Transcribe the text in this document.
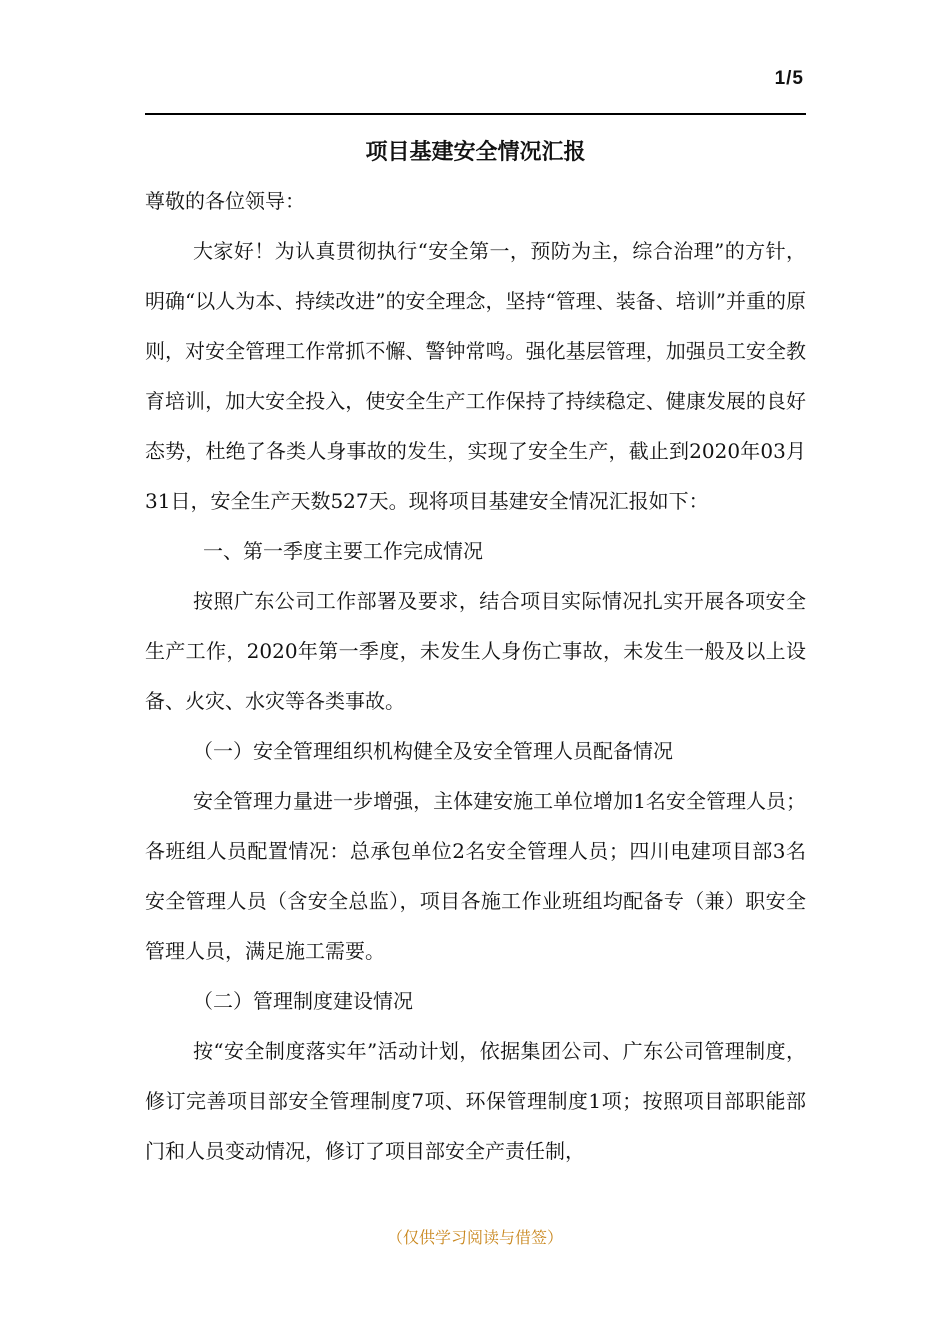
1/5
项目基建安全情况汇报

尊敬的各位领导：

大家好！为认真贯彻执行“安全第一，预防为主，综合治理”的方针，明确“以人为本、持续改进”的安全理念，坚持“管理、装备、培训”并重的原则，对安全管理工作常抓不懈、警钟常鸣。强化基层管理，加强员工安全教育培训，加大安全投入，使安全生产工作保持了持续稳定、健康发展的良好态势，杜绝了各类人身事故的发生，实现了安全生产，截止到2020年03月31日，安全生产天数527天。现将项目基建安全情况汇报如下：

一、第一季度主要工作完成情况

按照广东公司工作部署及要求，结合项目实际情况扎实开展各项安全生产工作，2020年第一季度，未发生人身伤亡事故，未发生一般及以上设备、火灾、水灾等各类事故。

（一）安全管理组织机构健全及安全管理人员配备情况

安全管理力量进一步增强，主体建安施工单位增加1名安全管理人员；各班组人员配置情况：总承包单位2名安全管理人员；四川电建项目部3名安全管理人员（含安全总监），项目各施工作业班组均配备专（兼）职安全管理人员，满足施工需要。

（二）管理制度建设情况

按“安全制度落实年”活动计划，依据集团公司、广东公司管理制度，修订完善项目部安全管理制度7项、环保管理制度1项；按照项目部职能部门和人员变动情况，修订了项目部安全产责任制，

（仅供学习阅读与借签）
